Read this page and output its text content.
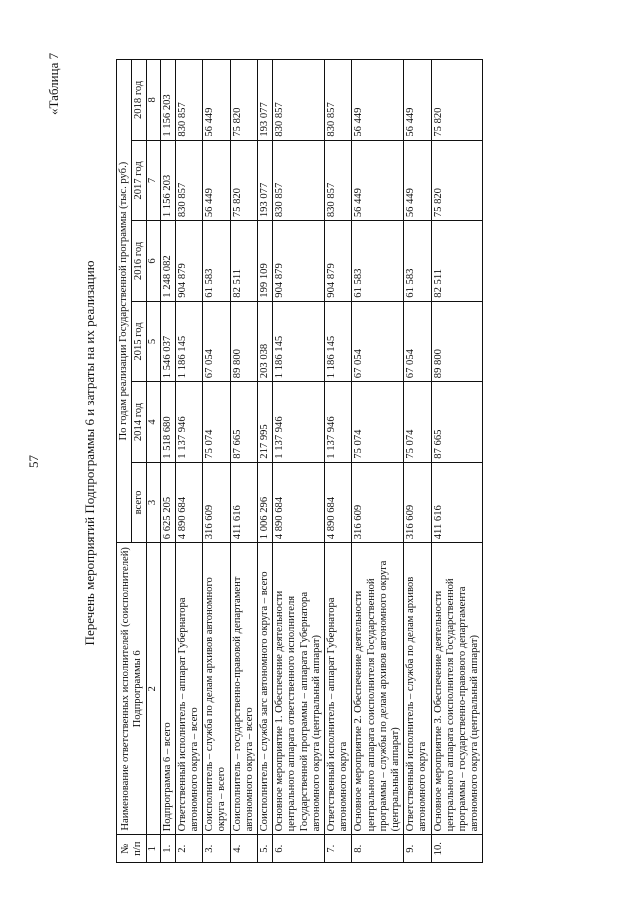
57
«Таблица 7
Перечень мероприятий Подпрограммы 6 и затраты на их реализацию
№
п/п	Наименование ответственных исполнителей (соисполнителей) Подпрограммы 6	По годам реализации Государственной программы (тыс. руб.)					
		всего	2014 год	2015 год	2016 год	2017 год	2018 год
1	2	3	4	5	6	7	8
1.	Подпрограмма 6 – всего	6 625 205	1 518 680	1 546 037	1 248 082	1 156 203	1 156 203
2.	Ответственный исполнитель – аппарат Губернатора автономного округа – всего	4 890 684	1 137 946	1 186 145	904 879	830 857	830 857
3.	Соисполнитель – служба по делам архивов автономного округа – всего	316 609	75 074	67 054	61 583	56 449	56 449
4.	Соисполнитель – государственно-правовой департамент автономного округа – всего	411 616	87 665	89 800	82 511	75 820	75 820
5.	Соисполнитель – служба загс автономного округа – всего	1 006 296	217 995	203 038	199 109	193 077	193 077
6.	Основное мероприятие 1. Обеспечение деятельности центрального аппарата ответственного исполнителя Государственной программы – аппарата Губернатора автономного округа (центральный аппарат)	4 890 684	1 137 946	1 186 145	904 879	830 857	830 857
7.	Ответственный исполнитель – аппарат Губернатора автономного округа	4 890 684	1 137 946	1 186 145	904 879	830 857	830 857
8.	Основное мероприятие 2. Обеспечение деятельности центрального аппарата соисполнителя Государственной программы – службы по делам архивов автономного округа (центральный аппарат)	316 609	75 074	67 054	61 583	56 449	56 449
9.	Ответственный исполнитель – служба по делам архивов автономного округа	316 609	75 074	67 054	61 583	56 449	56 449
10.	Основное мероприятие 3. Обеспечение деятельности центрального аппарата соисполнителя Государственной программы – государственно-правового департамента автономного округа (центральный аппарат)	411 616	87 665	89 800	82 511	75 820	75 820
